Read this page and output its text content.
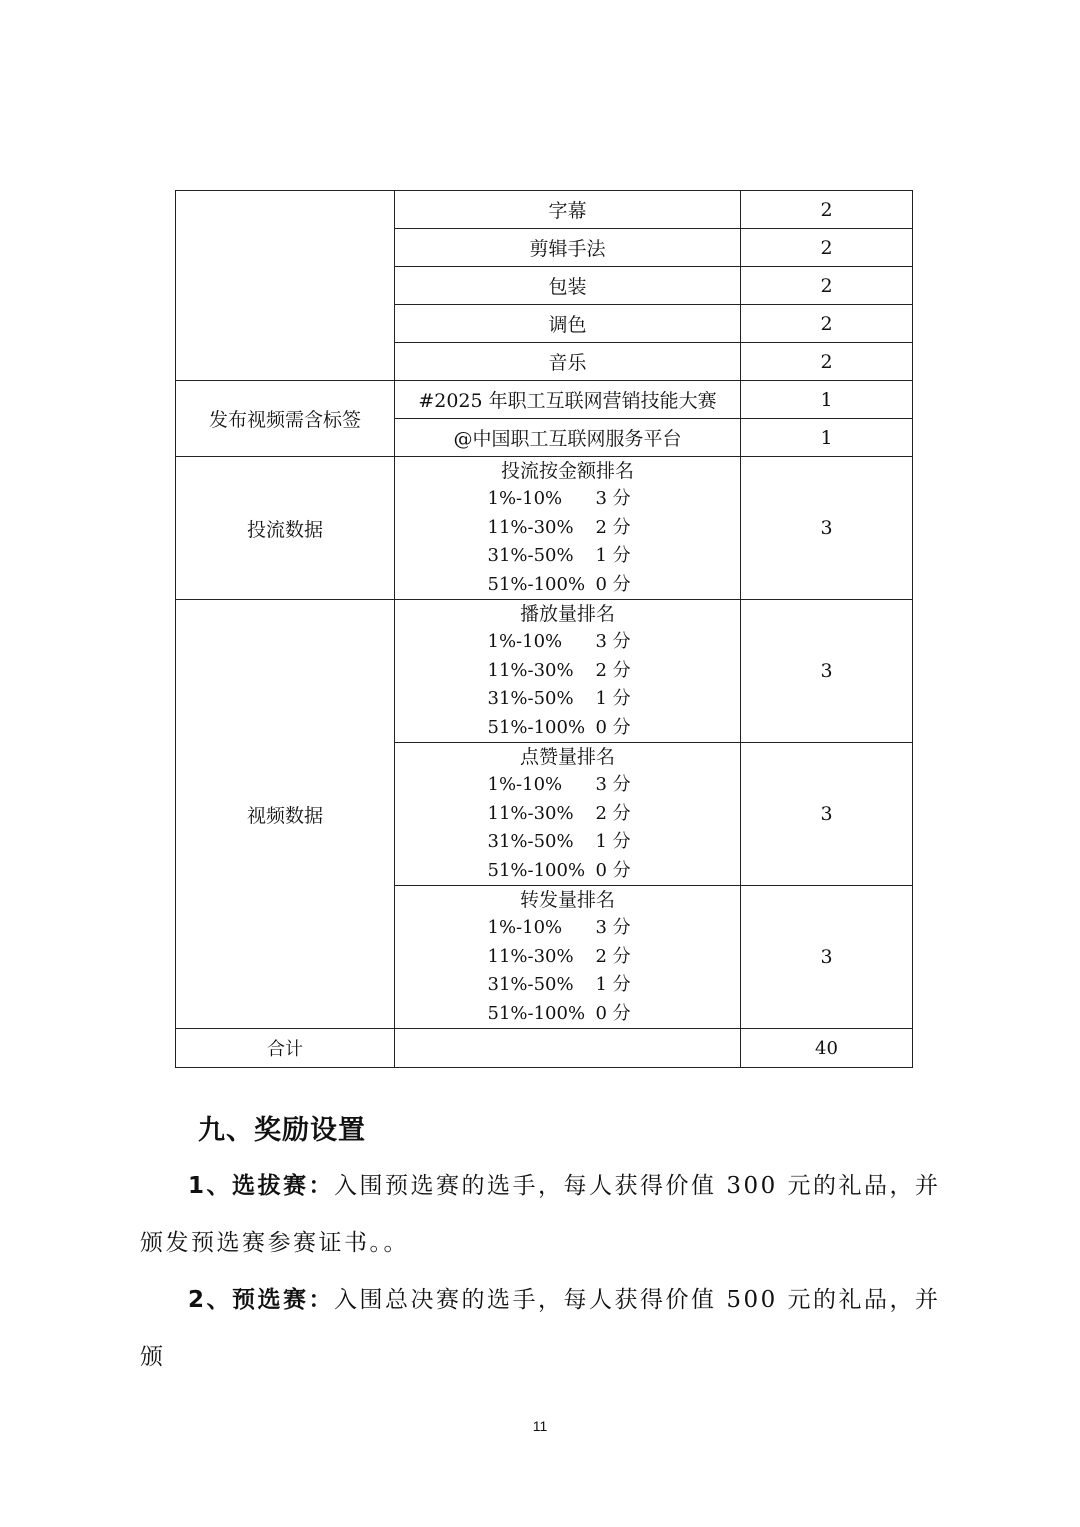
	字幕	2
	剪辑手法	2
	包装	2
	调色	2
	音乐	2
发布视频需含标签	#2025 年职工互联网营销技能大赛	1
	@中国职工互联网服务平台	1
投流数据	投流按金额排名
1%-10% 3 分
11%-30% 2 分
31%-50% 1 分
51%-100% 0 分	3
视频数据	播放量排名
1%-10% 3 分
11%-30% 2 分
31%-50% 1 分
51%-100% 0 分	3

	点赞量排名
1%-10% 3 分
11%-30% 2 分
31%-50% 1 分
51%-100% 0 分	3

	转发量排名
1%-10% 3 分
11%-30% 2 分
31%-50% 1 分
51%-100% 0 分	3
合计		40
九、奖励设置

1、选拔赛：入围预选赛的选手，每人获得价值 300 元的礼品，并颁发预选赛参赛证书。。

2、预选赛：入围总决赛的选手，每人获得价值 500 元的礼品，并颁

11
